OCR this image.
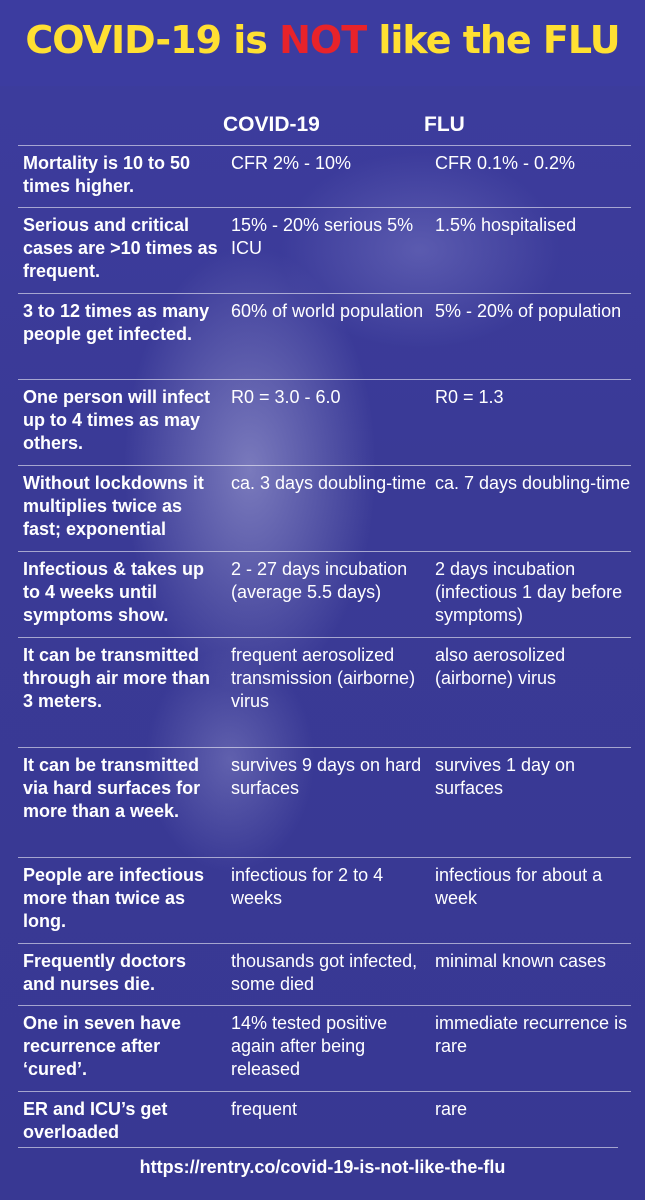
COVID-19 is NOT like the FLU
COVID-19	FLU
Mortality is 10 to 50 times higher.	CFR 2% - 10%	CFR 0.1% - 0.2%
Serious and critical cases are >10 times as frequent.	15% - 20% serious 5% ICU	1.5% hospitalised
3 to 12 times as many people get infected.	60% of world population	5% - 20% of population
One person will infect up to 4 times as may others.	R0 = 3.0 - 6.0	R0 = 1.3
Without lockdowns it multiplies twice as fast; exponential	ca. 3 days doubling-time	ca. 7 days doubling-time
Infectious & takes up to 4 weeks until symptoms show.	2 - 27 days incubation (average 5.5 days)	2 days incubation (infectious 1 day before symptoms)
It can be transmitted through air more than 3 meters.	frequent aerosolized transmission (airborne) virus	also aerosolized (airborne) virus
It can be transmitted via hard surfaces for more than a week.	survives 9 days on hard surfaces	survives 1 day on surfaces
People are infectious more than twice as long.	infectious for 2 to 4 weeks	infectious for about a week
Frequently doctors and nurses die.	thousands got infected, some died	minimal known cases
One in seven have recurrence after ‘cured’.	14% tested positive again after being released	immediate recurrence is rare
ER and ICU’s get overloaded	frequent	rare
https://rentry.co/covid-19-is-not-like-the-flu
